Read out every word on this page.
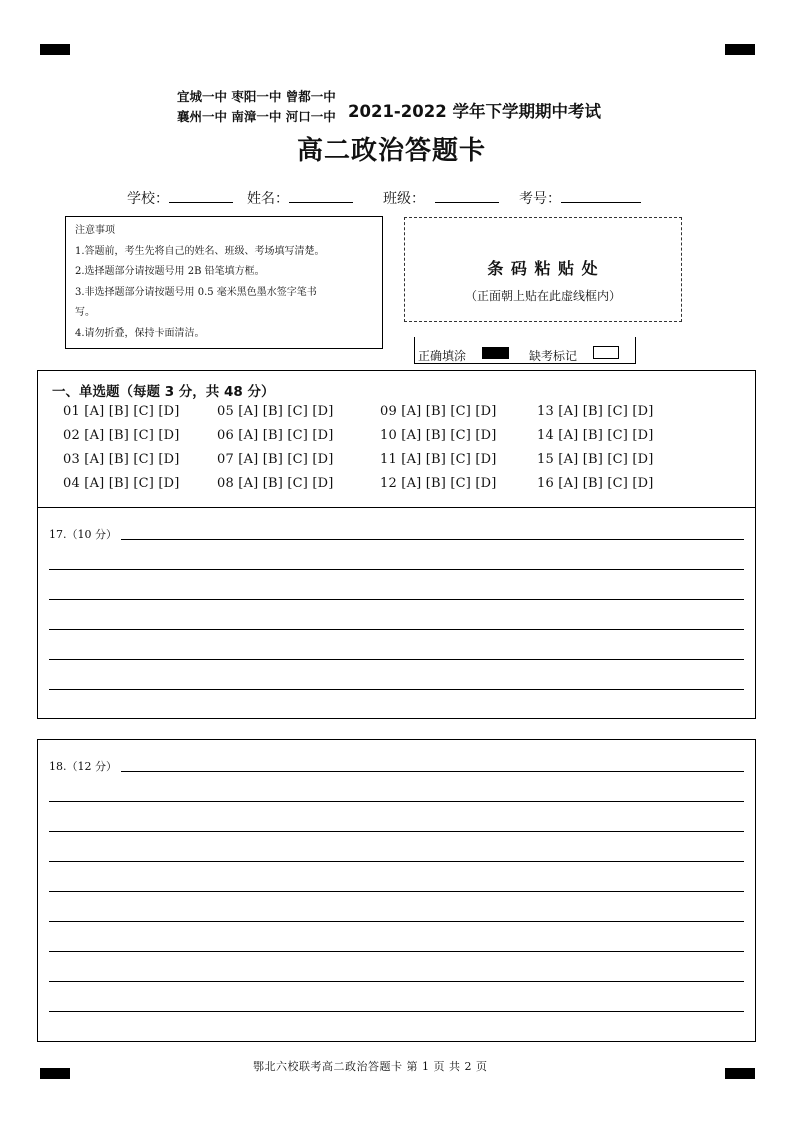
宜城一中 枣阳一中 曾都一中
襄州一中 南漳一中 河口一中 2021-2022 学年下学期期中考试
高二政治答题卡
学校：	姓名：	班级：	考号：
注意事项
1.答题前，考生先将自己的姓名、班级、考场填写清楚。
2.选择题部分请按题号用 2B 铅笔填方框。
3.非选择题部分请按题号用 0.5 毫米黑色墨水签字笔书
写。
4.请勿折叠，保持卡面清洁。
条 码 粘 贴 处
（正面朝上贴在此虚线框内）
正确填涂	缺考标记
一、单选题（每题 3 分，共 48 分）
01 [A] [B] [C] [D]
02 [A] [B] [C] [D]
03 [A] [B] [C] [D]
04 [A] [B] [C] [D]
05 [A] [B] [C] [D]
06 [A] [B] [C] [D]
07 [A] [B] [C] [D]
08 [A] [B] [C] [D]
09 [A] [B] [C] [D]
10 [A] [B] [C] [D]
11 [A] [B] [C] [D]
12 [A] [B] [C] [D]
13 [A] [B] [C] [D]
14 [A] [B] [C] [D]
15 [A] [B] [C] [D]
16 [A] [B] [C] [D]
17.（10 分）
18.（12 分）
鄂北六校联考高二政治答题卡 第 1 页 共 2 页
